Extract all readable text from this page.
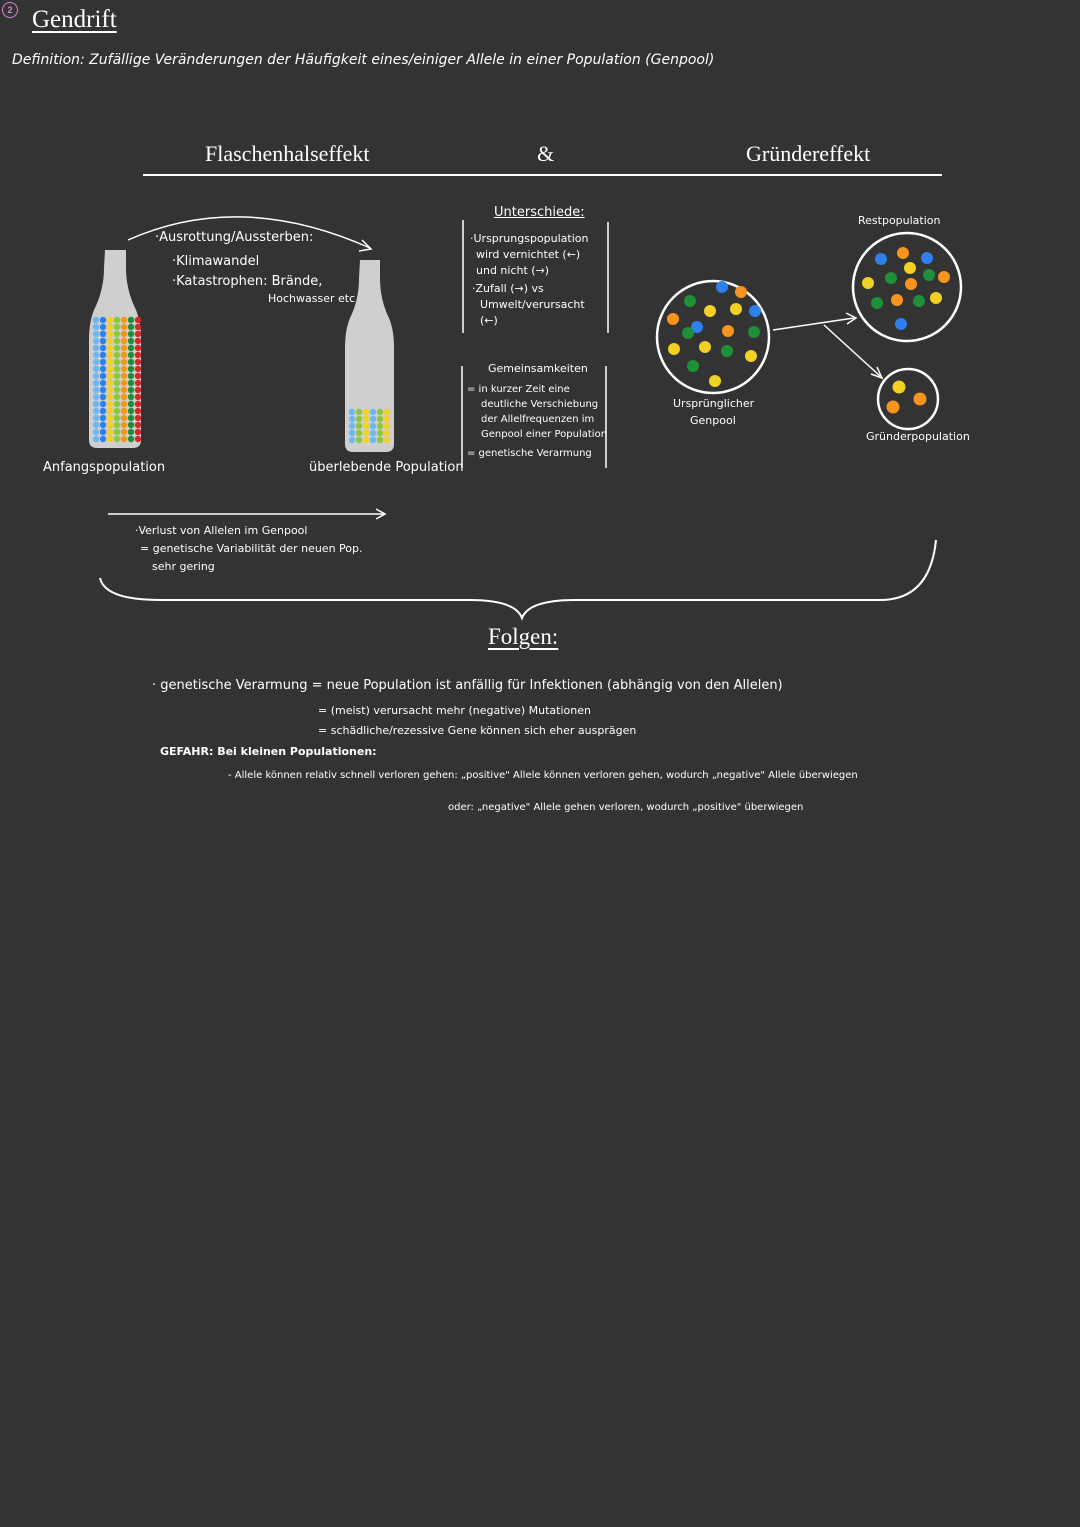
2 Gendrift
Definition: Zufällige Veränderungen der Häufigkeit eines/einiger Allele in einer Population (Genpool)
Flaschenhalseffekt	&	Gründereffekt
·Ausrottung/Aussterben:
·Klimawandel
·Katastrophen: Brände,
Hochwasser etc
Anfangspopulation	überlebende Population
·Verlust von Allelen im Genpool
= genetische Variabilität der neuen Pop.
sehr gering
Unterschiede:
·Ursprungspopulation
wird vernichtet (←)
und nicht (→)
·Zufall (→) vs
Umwelt/verursacht
(←)
Gemeinsamkeiten
= in kurzer Zeit eine
deutliche Verschiebung
der Allelfrequenzen im
Genpool einer Population
= genetische Verarmung
Restpopulation
Ursprünglicher
Genpool
Gründerpopulation
Folgen:
· genetische Verarmung = neue Population ist anfällig für Infektionen (abhängig von den Allelen)
= (meist) verursacht mehr (negative) Mutationen
= schädliche/rezessive Gene können sich eher ausprägen
GEFAHR: Bei kleinen Populationen:
- Allele können relativ schnell verloren gehen: „positive" Allele können verloren gehen, wodurch „negative" Allele überwiegen
oder: „negative" Allele gehen verloren, wodurch „positive" überwiegen
